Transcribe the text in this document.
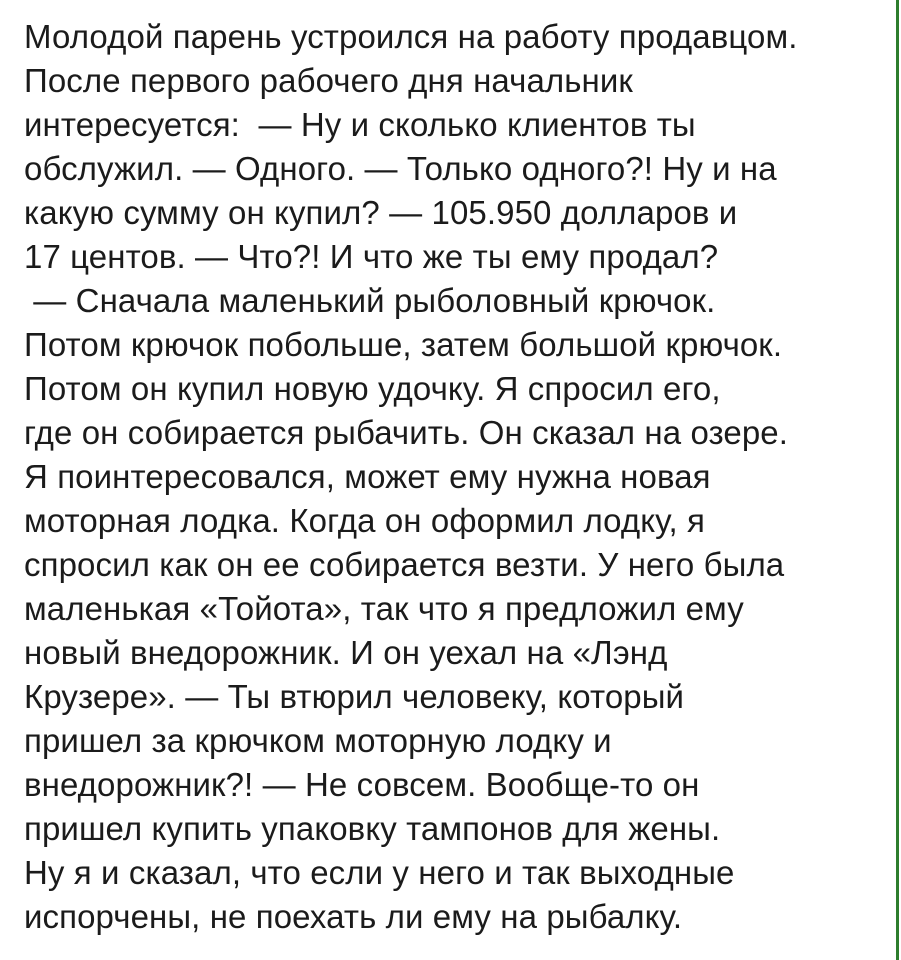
Молодой парень устроился на работу продавцом.
После первого рабочего дня начальник
интересуется:  — Ну и сколько клиентов ты
обслужил. — Одного. — Только одного?! Ну и на
какую сумму он купил? — 105.950 долларов и
17 центов. — Что?! И что же ты ему продал?
— Сначала маленький рыболовный крючок.
Потом крючок побольше, затем большой крючок.
Потом он купил новую удочку. Я спросил его,
где он собирается рыбачить. Он сказал на озере.
Я поинтересовался, может ему нужна новая
моторная лодка. Когда он оформил лодку, я
спросил как он ее собирается везти. У него была
маленькая «Тойота», так что я предложил ему
новый внедорожник. И он уехал на «Лэнд
Крузере». — Ты втюрил человеку, который
пришел за крючком моторную лодку и
внедорожник?! — Не совсем. Вообще-то он
пришел купить упаковку тампонов для жены.
Ну я и сказал, что если у него и так выходные
испорчены, не поехать ли ему на рыбалку.
